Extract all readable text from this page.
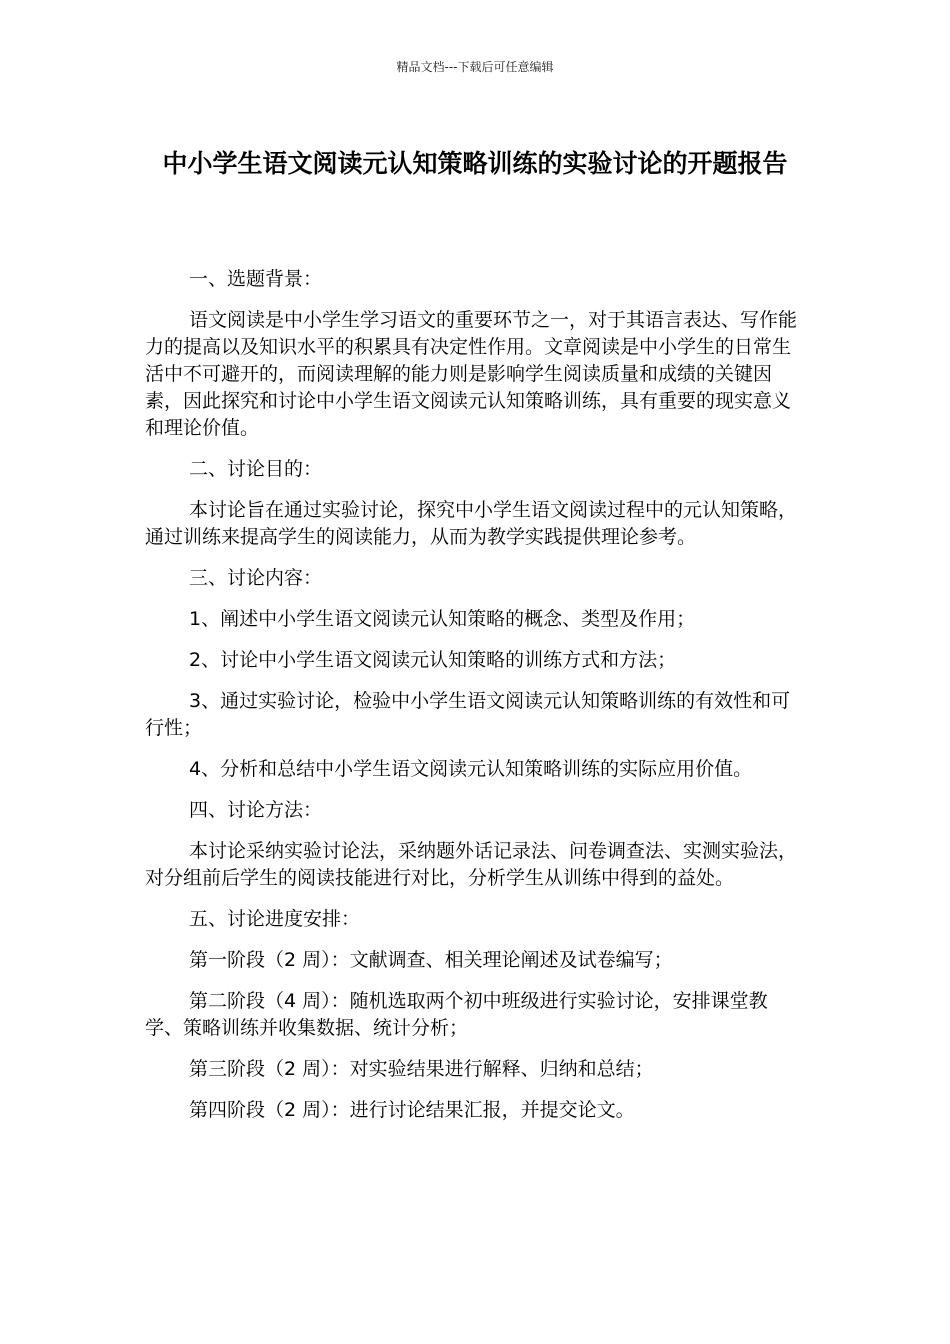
精品文档---下载后可任意编辑
中小学生语文阅读元认知策略训练的实验讨论的开题报告

一、选题背景：

语文阅读是中小学生学习语文的重要环节之一，对于其语言表达、写作能力的提高以及知识水平的积累具有决定性作用。文章阅读是中小学生的日常生活中不可避开的，而阅读理解的能力则是影响学生阅读质量和成绩的关键因素，因此探究和讨论中小学生语文阅读元认知策略训练，具有重要的现实意义和理论价值。

二、讨论目的：

本讨论旨在通过实验讨论，探究中小学生语文阅读过程中的元认知策略，通过训练来提高学生的阅读能力，从而为教学实践提供理论参考。

三、讨论内容：

1、阐述中小学生语文阅读元认知策略的概念、类型及作用；

2、讨论中小学生语文阅读元认知策略的训练方式和方法；

3、通过实验讨论，检验中小学生语文阅读元认知策略训练的有效性和可行性；

4、分析和总结中小学生语文阅读元认知策略训练的实际应用价值。

四、讨论方法：

本讨论采纳实验讨论法，采纳题外话记录法、问卷调查法、实测实验法，对分组前后学生的阅读技能进行对比，分析学生从训练中得到的益处。

五、讨论进度安排：

第一阶段（2 周）：文献调查、相关理论阐述及试卷编写；

第二阶段（4 周）：随机选取两个初中班级进行实验讨论，安排课堂教学、策略训练并收集数据、统计分析；

第三阶段（2 周）：对实验结果进行解释、归纳和总结；

第四阶段（2 周）：进行讨论结果汇报，并提交论文。
